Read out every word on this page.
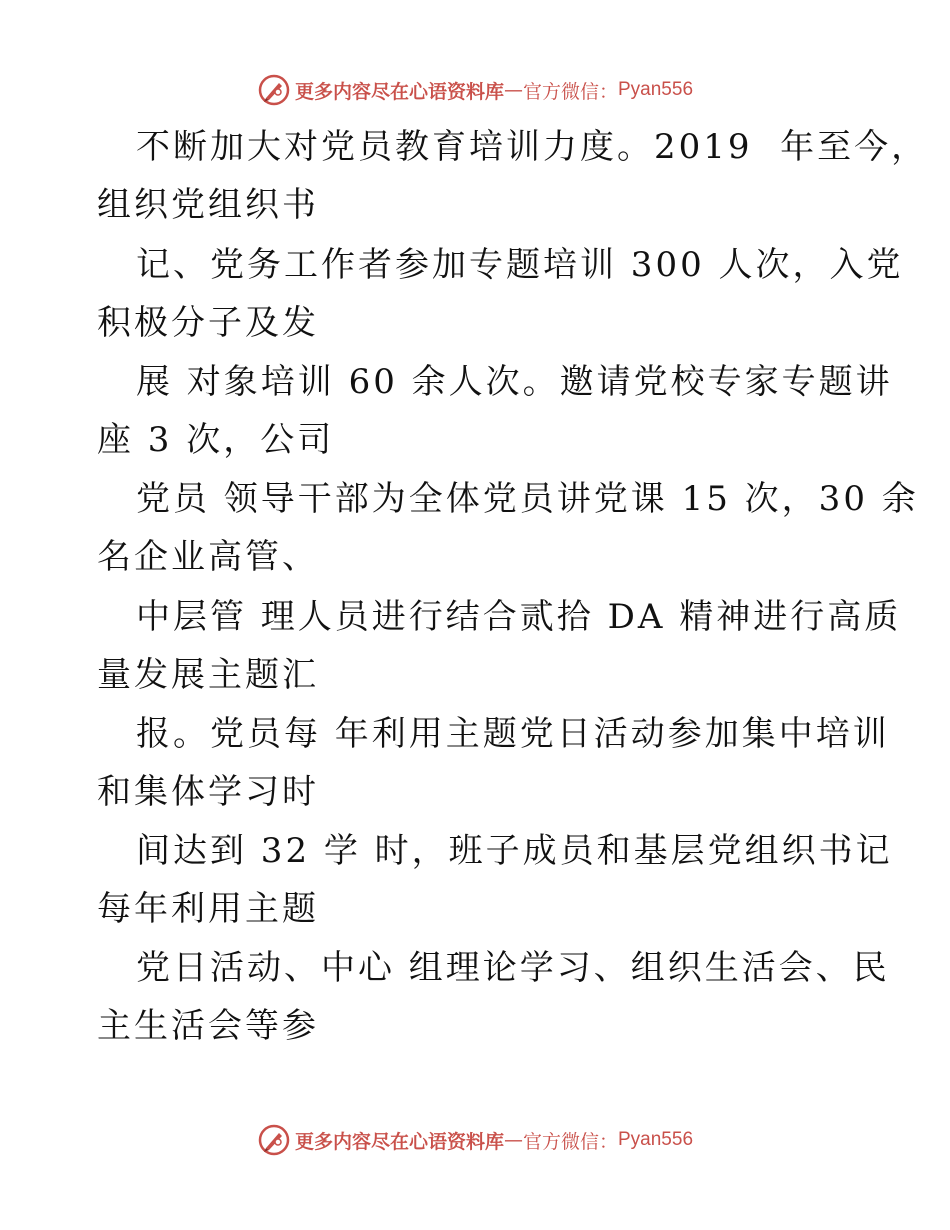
更多内容尽在心语资料库 — 官方微信： Pyan556
不断加大对党员教育培训力度。2019  年至今，
组织党组织书
记、党务工作者参加专题培训 300 人次，入党
积极分子及发
展 对象培训 60 余人次。邀请党校专家专题讲
座 3 次，公司
党员 领导干部为全体党员讲党课 15 次，30 余
名企业高管、
中层管 理人员进行结合贰拾 DA 精神进行高质
量发展主题汇
报。党员每 年利用主题党日活动参加集中培训
和集体学习时
间达到 32 学 时，班子成员和基层党组织书记
每年利用主题
党日活动、中心 组理论学习、组织生活会、民
主生活会等参
更多内容尽在心语资料库 — 官方微信： Pyan556
